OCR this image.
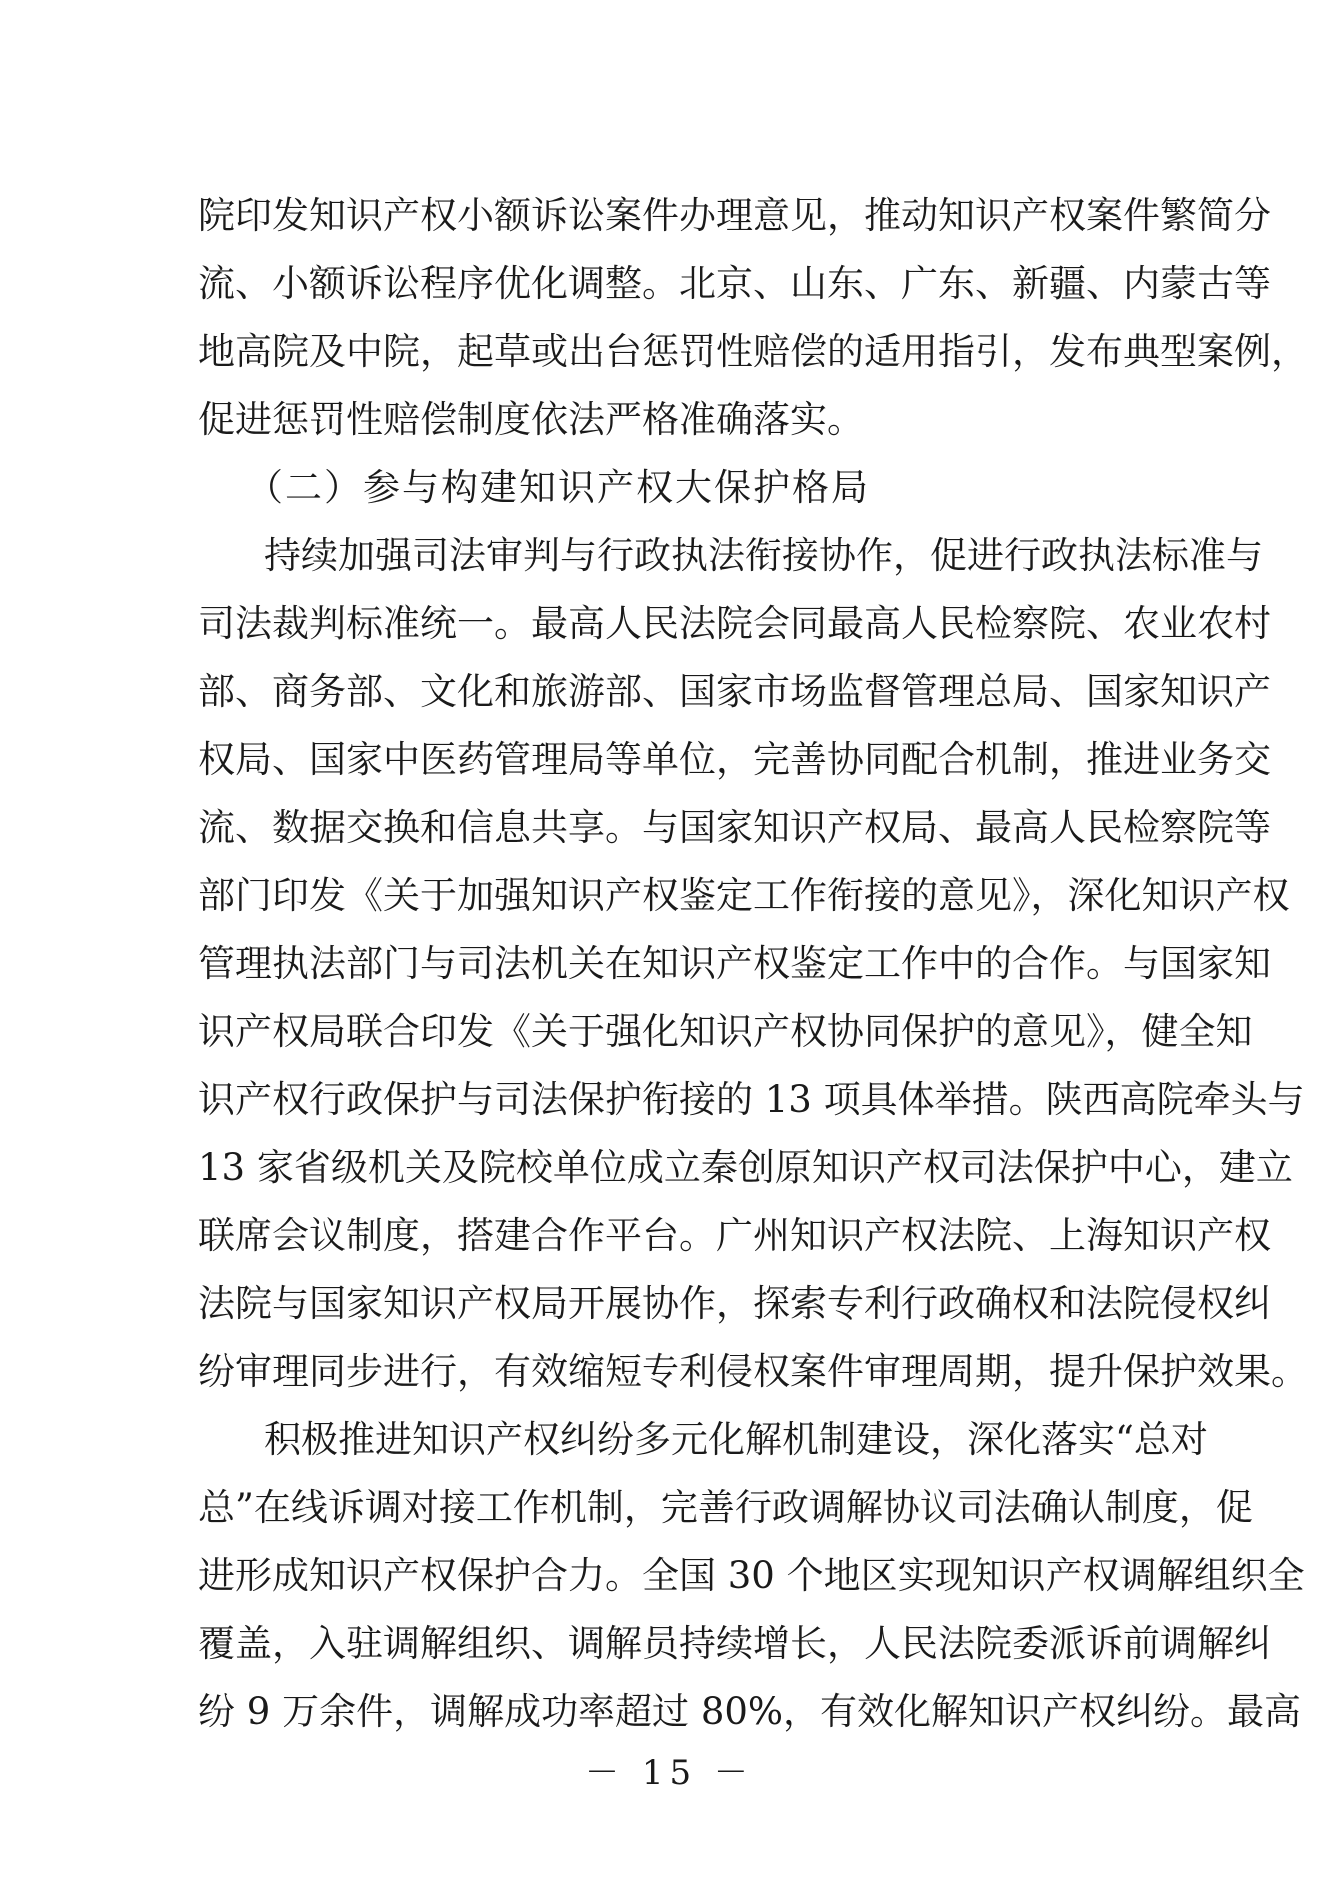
院印发知识产权小额诉讼案件办理意见，推动知识产权案件繁简分
流、小额诉讼程序优化调整。北京、山东、广东、新疆、内蒙古等
地高院及中院，起草或出台惩罚性赔偿的适用指引，发布典型案例，
促进惩罚性赔偿制度依法严格准确落实。
（二）参与构建知识产权大保护格局
持续加强司法审判与行政执法衔接协作，促进行政执法标准与
司法裁判标准统一。最高人民法院会同最高人民检察院、农业农村
部、商务部、文化和旅游部、国家市场监督管理总局、国家知识产
权局、国家中医药管理局等单位，完善协同配合机制，推进业务交
流、数据交换和信息共享。与国家知识产权局、最高人民检察院等
部门印发《关于加强知识产权鉴定工作衔接的意见》，深化知识产权
管理执法部门与司法机关在知识产权鉴定工作中的合作。与国家知
识产权局联合印发《关于强化知识产权协同保护的意见》，健全知
识产权行政保护与司法保护衔接的 13 项具体举措。陕西高院牵头与
13 家省级机关及院校单位成立秦创原知识产权司法保护中心，建立
联席会议制度，搭建合作平台。广州知识产权法院、上海知识产权
法院与国家知识产权局开展协作，探索专利行政确权和法院侵权纠
纷审理同步进行，有效缩短专利侵权案件审理周期，提升保护效果。
积极推进知识产权纠纷多元化解机制建设，深化落实“总对
总”在线诉调对接工作机制，完善行政调解协议司法确认制度，促
进形成知识产权保护合力。全国 30 个地区实现知识产权调解组织全
覆盖，入驻调解组织、调解员持续增长，人民法院委派诉前调解纠
纷 9 万余件，调解成功率超过 80%，有效化解知识产权纠纷。最高
－ 15 －
